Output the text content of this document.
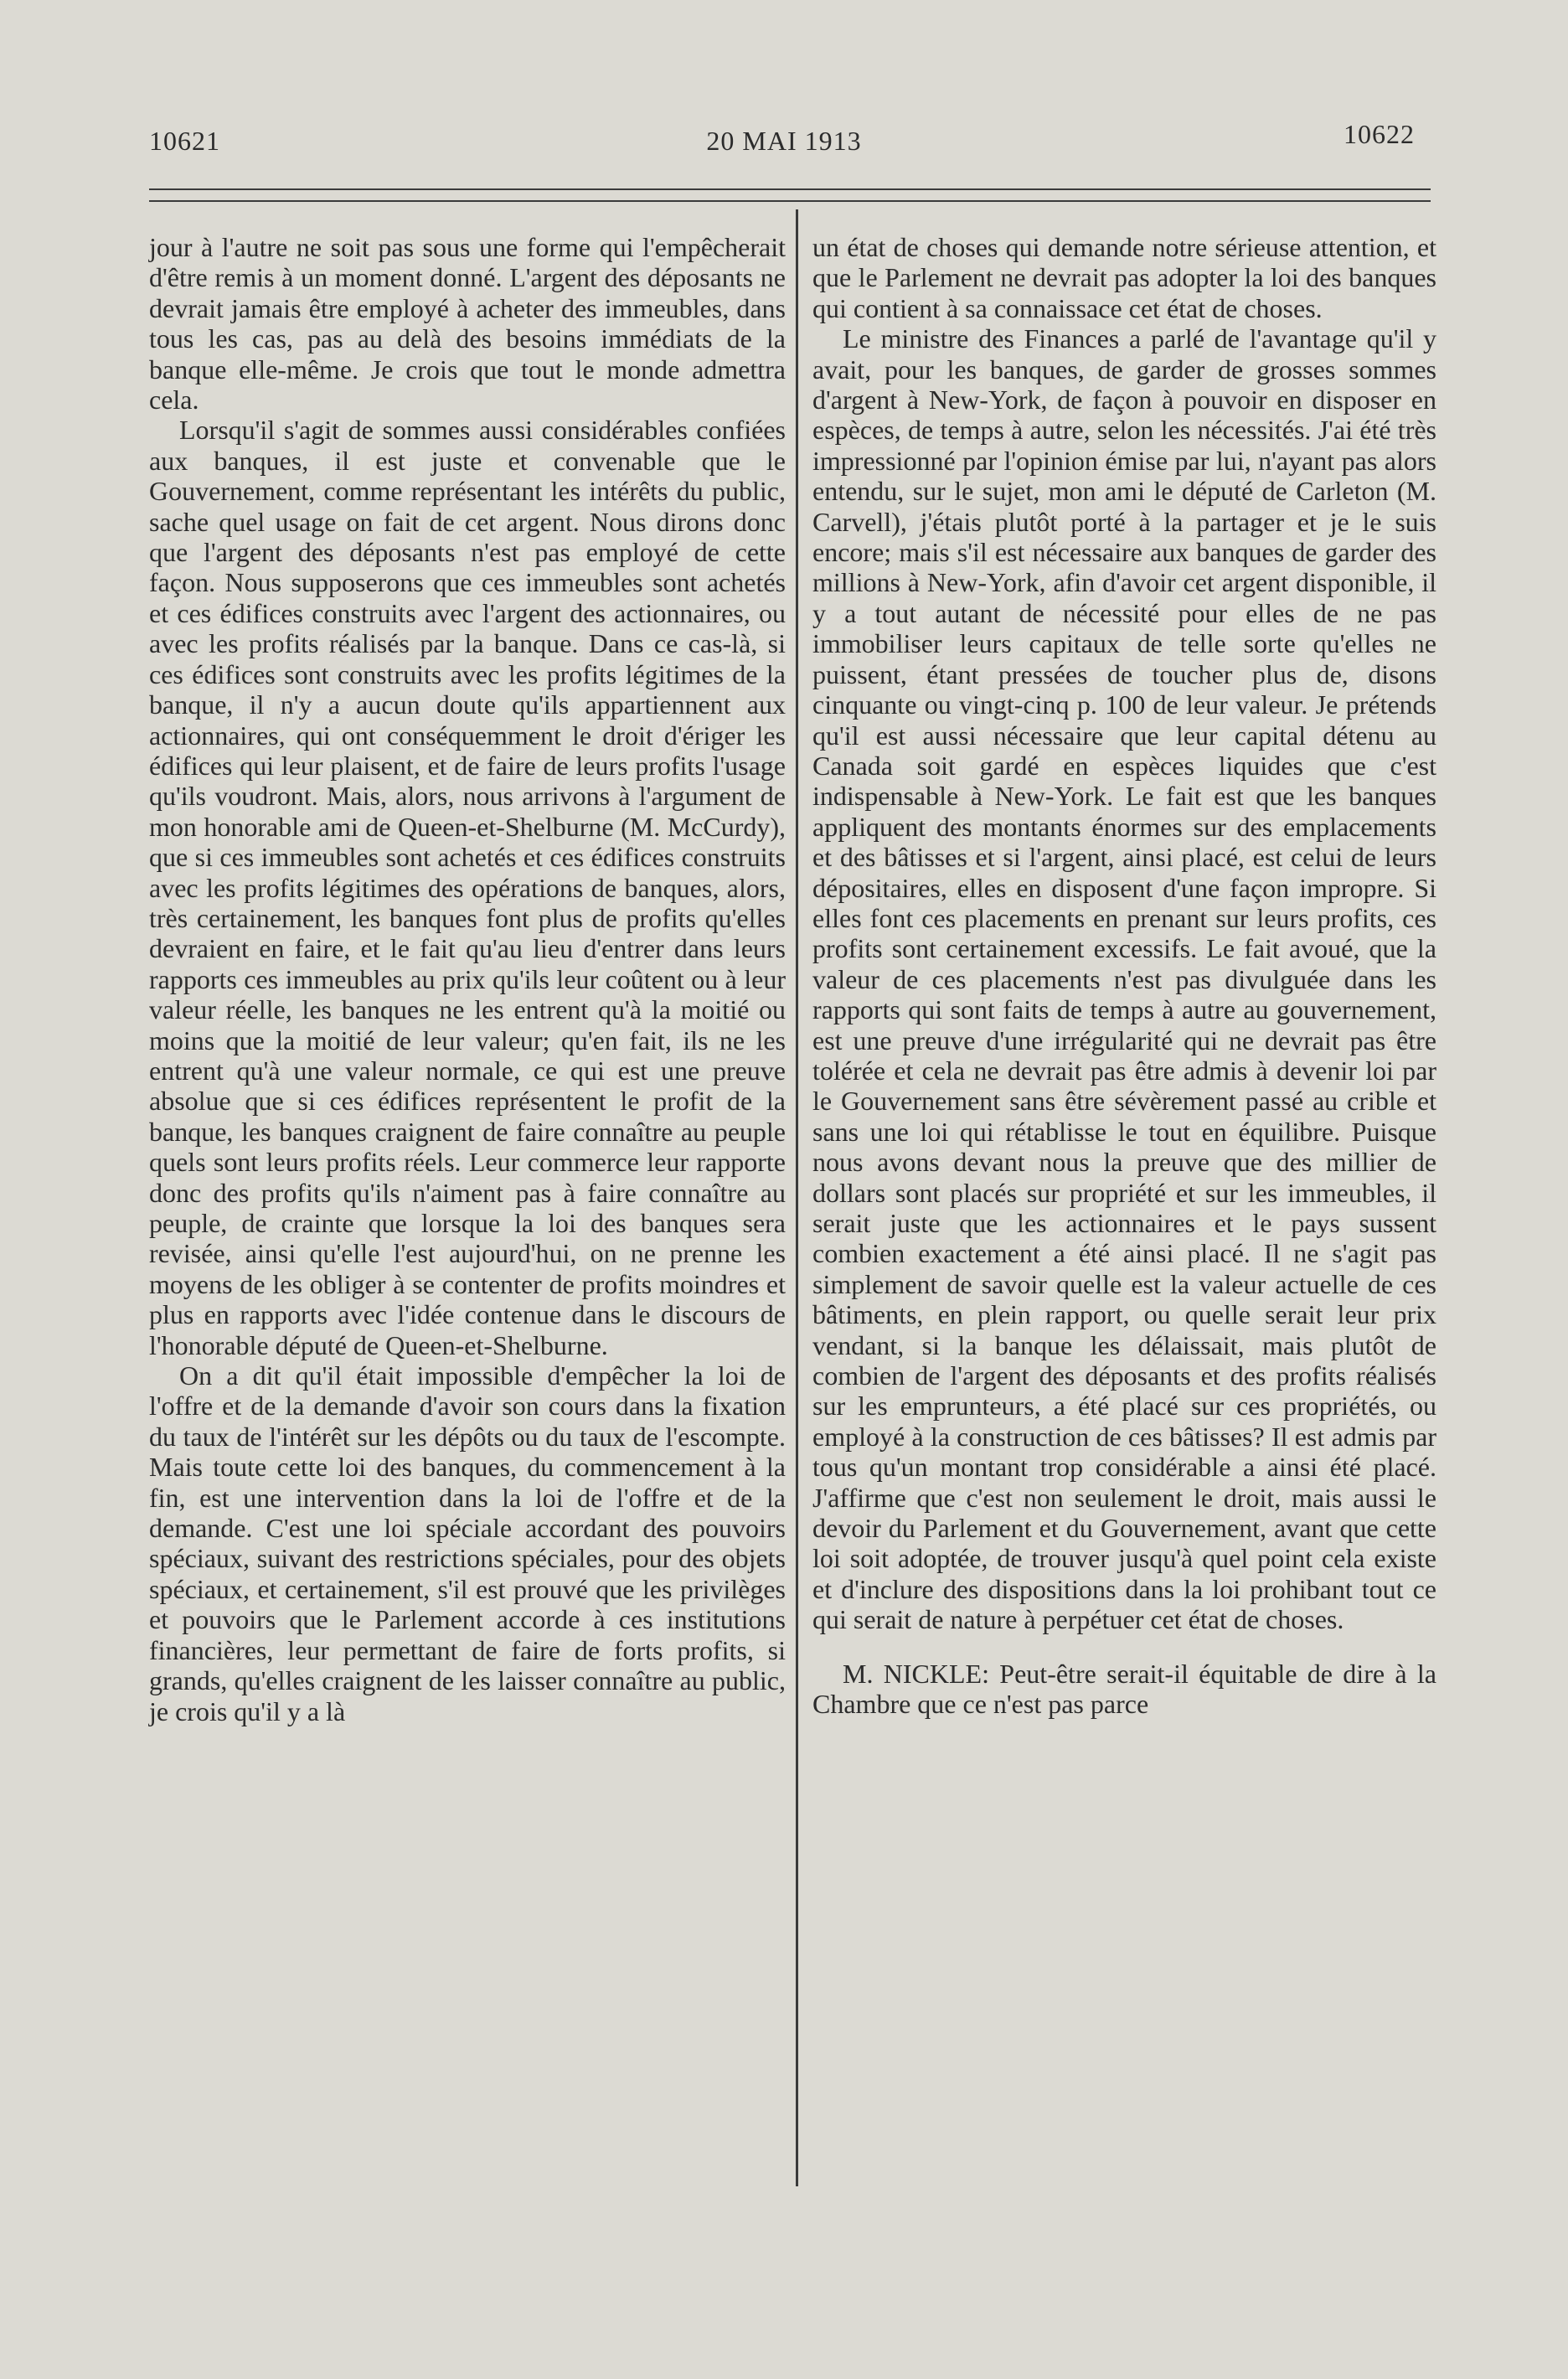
10621	20 MAI 1913	10622

jour à l'autre ne soit pas sous une forme qui l'empêcherait d'être remis à un moment donné. L'argent des déposants ne devrait jamais être employé à acheter des immeubles, dans tous les cas, pas au delà des besoins immédiats de la banque elle-même. Je crois que tout le monde admettra cela.

Lorsqu'il s'agit de sommes aussi considérables confiées aux banques, il est juste et convenable que le Gouvernement, comme représentant les intérêts du public, sache quel usage on fait de cet argent. Nous dirons donc que l'argent des déposants n'est pas employé de cette façon. Nous supposerons que ces immeubles sont achetés et ces édifices construits avec l'argent des actionnaires, ou avec les profits réalisés par la banque. Dans ce cas-là, si ces édifices sont construits avec les profits légitimes de la banque, il n'y a aucun doute qu'ils appartiennent aux actionnaires, qui ont conséquemment le droit d'ériger les édifices qui leur plaisent, et de faire de leurs profits l'usage qu'ils voudront. Mais, alors, nous arrivons à l'argument de mon honorable ami de Queen-et-Shelburne (M. McCurdy), que si ces immeubles sont achetés et ces édifices construits avec les profits légitimes des opérations de banques, alors, très certainement, les banques font plus de profits qu'elles devraient en faire, et le fait qu'au lieu d'entrer dans leurs rapports ces immeubles au prix qu'ils leur coûtent ou à leur valeur réelle, les banques ne les entrent qu'à la moitié ou moins que la moitié de leur valeur; qu'en fait, ils ne les entrent qu'à une valeur normale, ce qui est une preuve absolue que si ces édifices représentent le profit de la banque, les banques craignent de faire connaître au peuple quels sont leurs profits réels. Leur commerce leur rapporte donc des profits qu'ils n'aiment pas à faire connaître au peuple, de crainte que lorsque la loi des banques sera revisée, ainsi qu'elle l'est aujourd'hui, on ne prenne les moyens de les obliger à se contenter de profits moindres et plus en rapports avec l'idée contenue dans le discours de l'honorable député de Queen-et-Shelburne.

On a dit qu'il était impossible d'empêcher la loi de l'offre et de la demande d'avoir son cours dans la fixation du taux de l'intérêt sur les dépôts ou du taux de l'escompte. Mais toute cette loi des banques, du commencement à la fin, est une intervention dans la loi de l'offre et de la demande. C'est une loi spéciale accordant des pouvoirs spéciaux, suivant des restrictions spéciales, pour des objets spéciaux, et certainement, s'il est prouvé que les privilèges et pouvoirs que le Parlement accorde à ces institutions financières, leur permettant de faire de forts profits, si grands, qu'elles craignent de les laisser connaître au public, je crois qu'il y a là

un état de choses qui demande notre sérieuse attention, et que le Parlement ne devrait pas adopter la loi des banques qui contient à sa connaissace cet état de choses.

Le ministre des Finances a parlé de l'avantage qu'il y avait, pour les banques, de garder de grosses sommes d'argent à New-York, de façon à pouvoir en disposer en espèces, de temps à autre, selon les nécessités. J'ai été très impressionné par l'opinion émise par lui, n'ayant pas alors entendu, sur le sujet, mon ami le député de Carleton (M. Carvell), j'étais plutôt porté à la partager et je le suis encore; mais s'il est nécessaire aux banques de garder des millions à New-York, afin d'avoir cet argent disponible, il y a tout autant de nécessité pour elles de ne pas immobiliser leurs capitaux de telle sorte qu'elles ne puissent, étant pressées de toucher plus de, disons cinquante ou vingt-cinq p. 100 de leur valeur. Je prétends qu'il est aussi nécessaire que leur capital détenu au Canada soit gardé en espèces liquides que c'est indispensable à New-York. Le fait est que les banques appliquent des montants énormes sur des emplacements et des bâtisses et si l'argent, ainsi placé, est celui de leurs dépositaires, elles en disposent d'une façon impropre. Si elles font ces placements en prenant sur leurs profits, ces profits sont certainement excessifs. Le fait avoué, que la valeur de ces placements n'est pas divulguée dans les rapports qui sont faits de temps à autre au gouvernement, est une preuve d'une irrégularité qui ne devrait pas être tolérée et cela ne devrait pas être admis à devenir loi par le Gouvernement sans être sévèrement passé au crible et sans une loi qui rétablisse le tout en équilibre. Puisque nous avons devant nous la preuve que des millier de dollars sont placés sur propriété et sur les immeubles, il serait juste que les actionnaires et le pays sussent combien exactement a été ainsi placé. Il ne s'agit pas simplement de savoir quelle est la valeur actuelle de ces bâtiments, en plein rapport, ou quelle serait leur prix vendant, si la banque les délaissait, mais plutôt de combien de l'argent des déposants et des profits réalisés sur les emprunteurs, a été placé sur ces propriétés, ou employé à la construction de ces bâtisses? Il est admis par tous qu'un montant trop considérable a ainsi été placé. J'affirme que c'est non seulement le droit, mais aussi le devoir du Parlement et du Gouvernement, avant que cette loi soit adoptée, de trouver jusqu'à quel point cela existe et d'inclure des dispositions dans la loi prohibant tout ce qui serait de nature à perpétuer cet état de choses.

M. NICKLE: Peut-être serait-il équitable de dire à la Chambre que ce n'est pas parce
